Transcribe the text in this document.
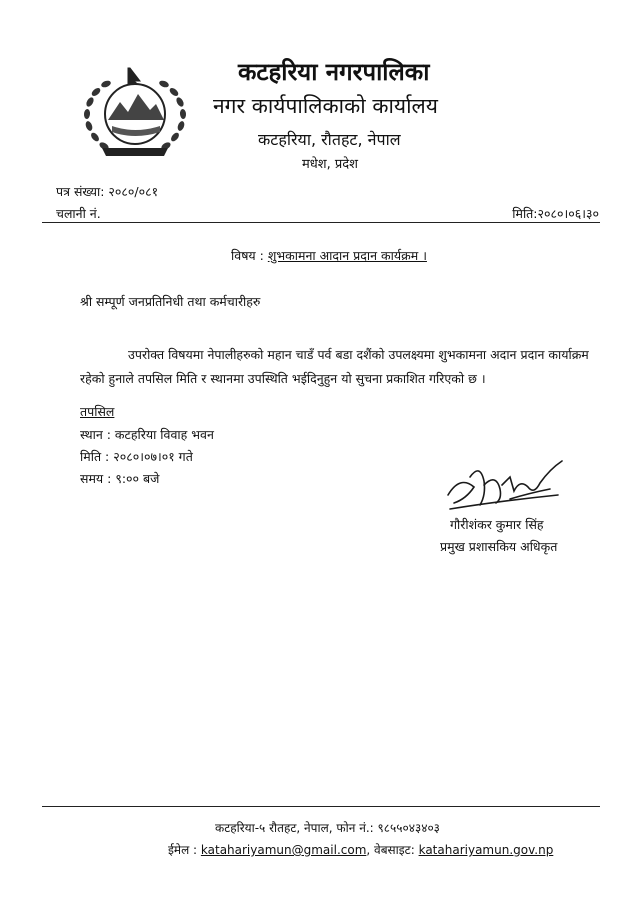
कटहरिया नगरपालिका
नगर कार्यपालिकाको कार्यालय
कटहरिया, रौतहट, नेपाल
मधेश, प्रदेश
पत्र संख्या: २०८०/०८१
चलानी नं.	मिति:२०८०।०६।३०
विषय : शुभकामना आदान प्रदान कार्यक्रम ।
श्री सम्पूर्ण जनप्रतिनिधी तथा कर्मचारीहरु
उपरोक्त विषयमा नेपालीहरुको महान चाडँ पर्व बडा दशैंको उपलक्ष्यमा शुभकामना अदान प्रदान कार्याक्रम रहेको हुनाले तपसिल मिति र स्थानमा उपस्थिति भईदिनुहुन यो सुचना प्रकाशित गरिएको छ ।
तपसिल
स्थान : कटहरिया विवाह भवन
मिति : २०८०।०७।०१ गते
समय : ९:०० बजे
गौरीशंकर कुमार सिंह
प्रमुख प्रशासकिय अधिकृत
कटहरिया-५ रौतहट, नेपाल, फोन नं.: ९८५५०४३४०३
ईमेल : katahariyamun@gmail.com, वेबसाइट: katahariyamun.gov.np
